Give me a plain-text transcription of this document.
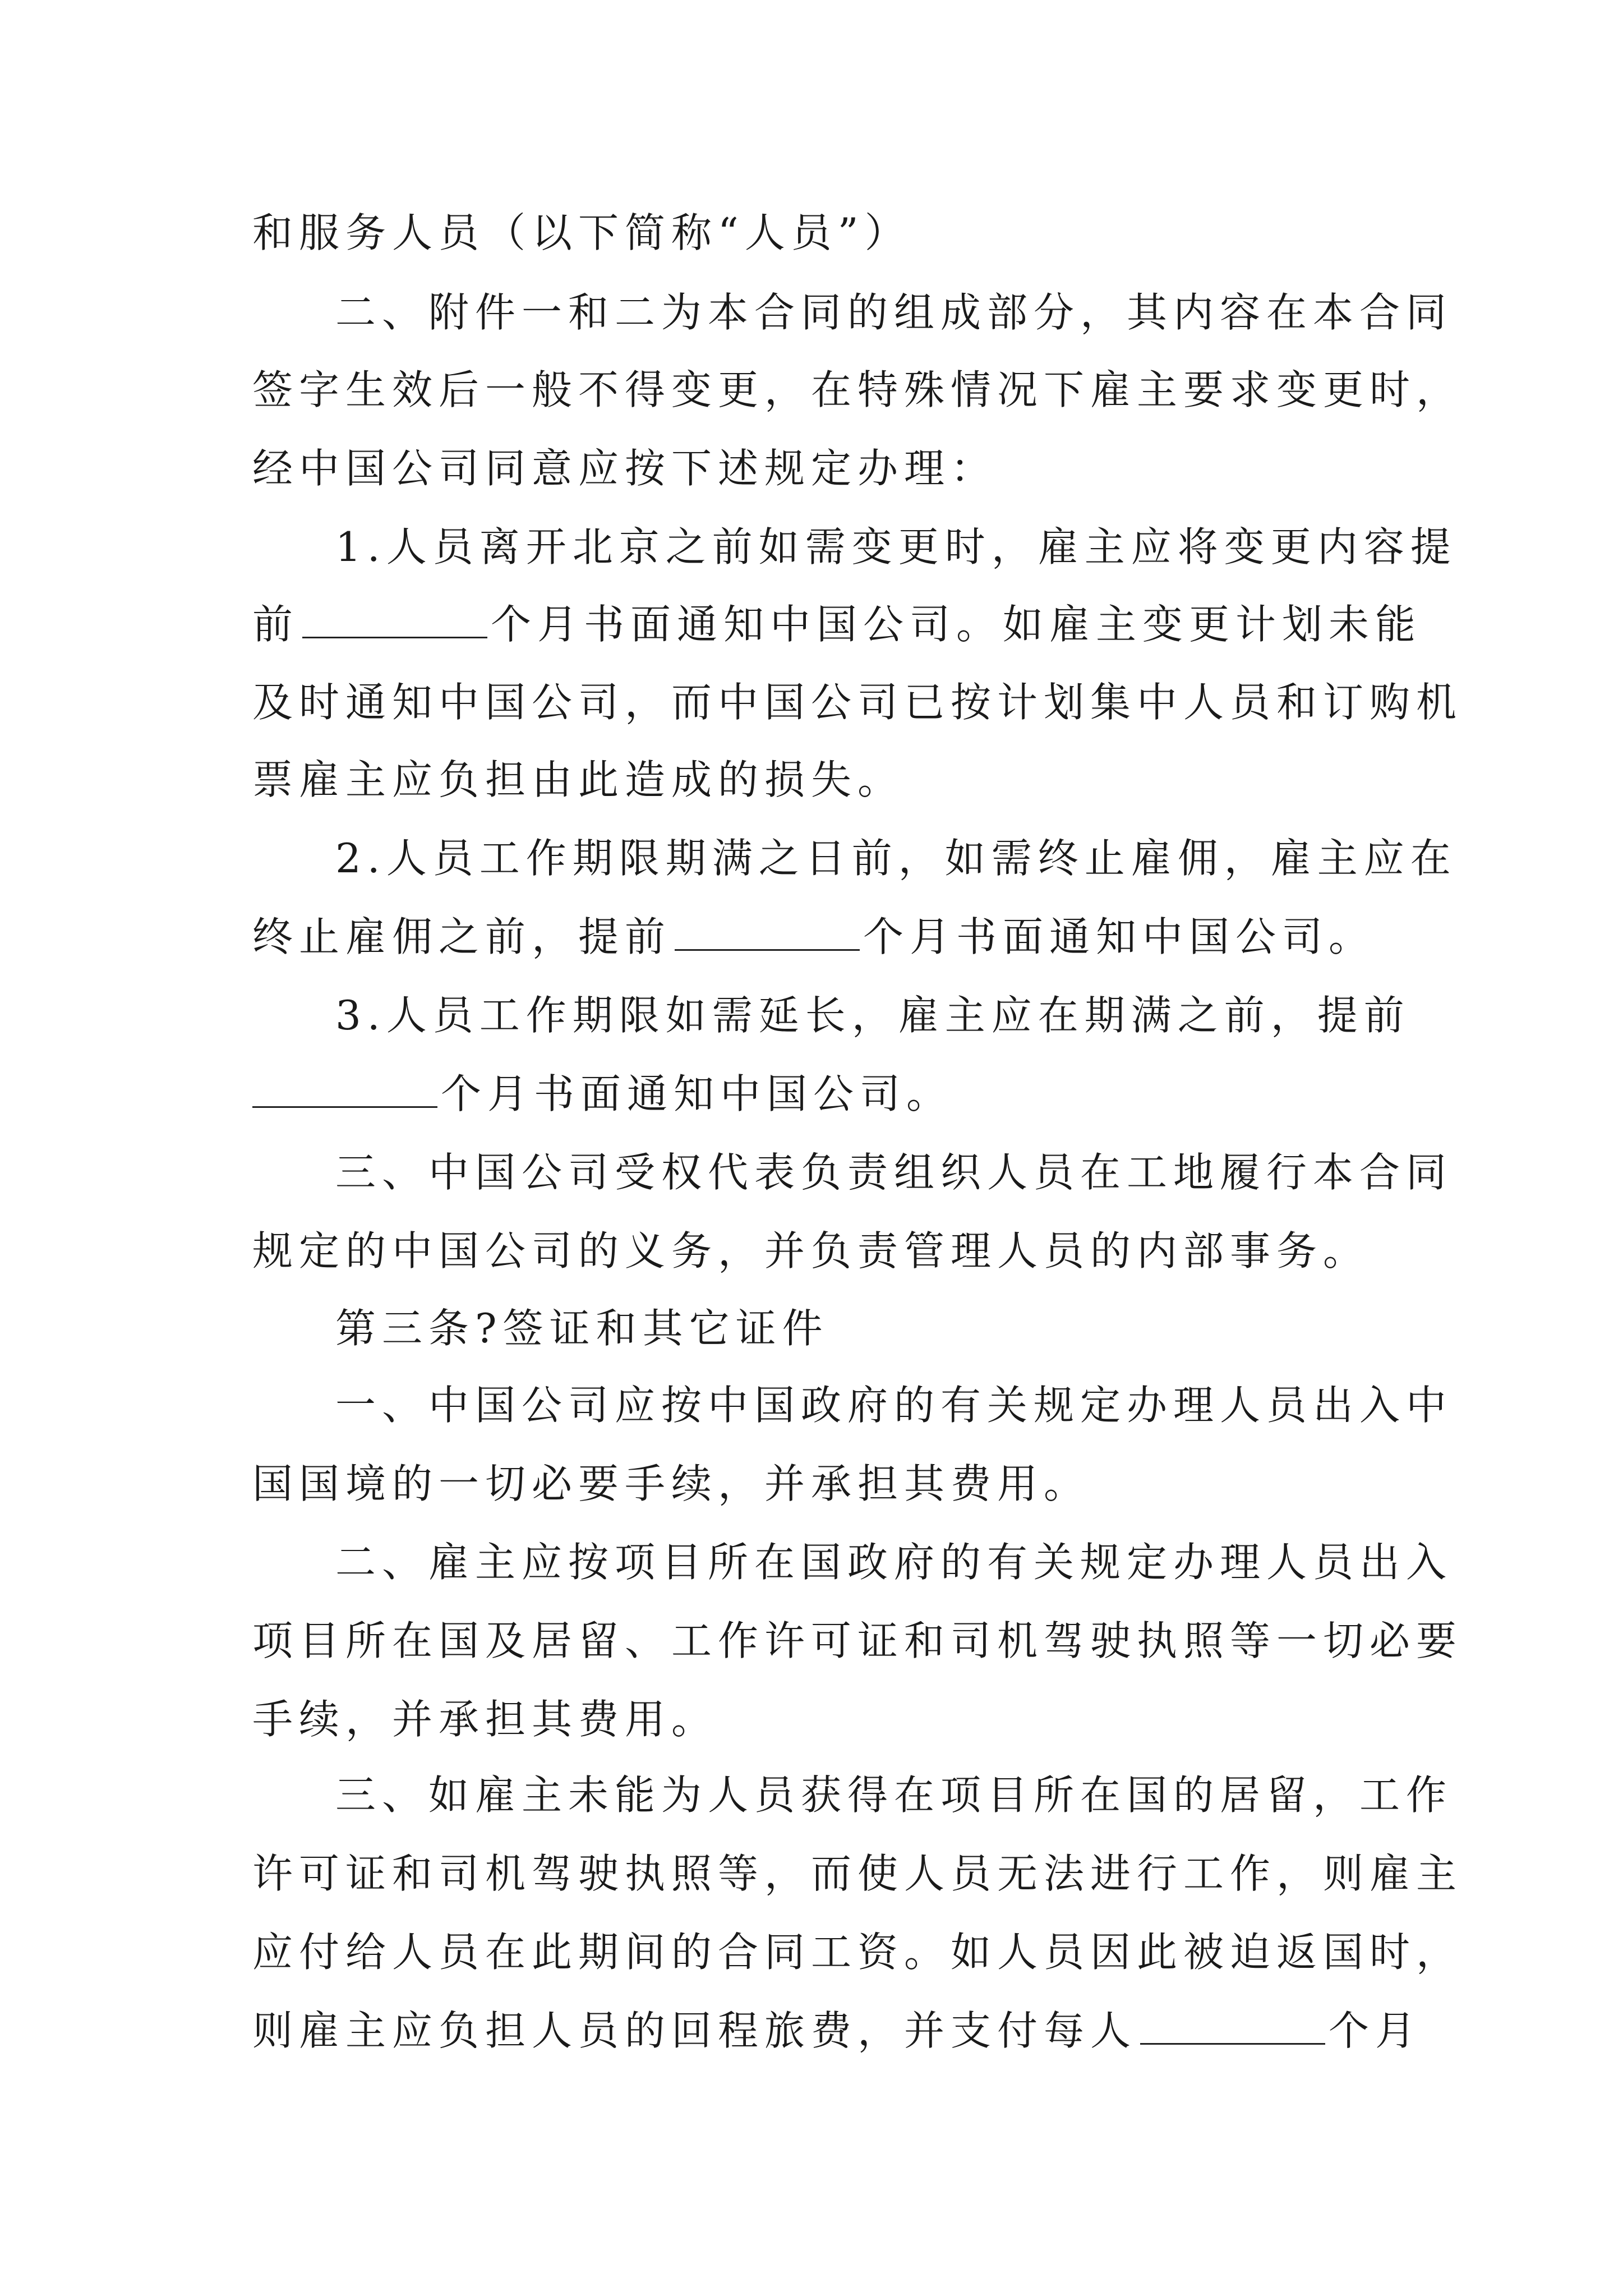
和服务人员（以下简称“人员”）
二、附件一和二为本合同的组成部分，其内容在本合同
签字生效后一般不得变更，在特殊情况下雇主要求变更时，
经中国公司同意应按下述规定办理：
1.人员离开北京之前如需变更时，雇主应将变更内容提
前	个月书面通知中国公司。如雇主变更计划未能
及时通知中国公司，而中国公司已按计划集中人员和订购机
票雇主应负担由此造成的损失。
2.人员工作期限期满之日前，如需终止雇佣，雇主应在
终止雇佣之前，提前	个月书面通知中国公司。
3.人员工作期限如需延长，雇主应在期满之前，提前
个月书面通知中国公司。
三、中国公司受权代表负责组织人员在工地履行本合同
规定的中国公司的义务，并负责管理人员的内部事务。
第三条?签证和其它证件
一、中国公司应按中国政府的有关规定办理人员出入中
国国境的一切必要手续，并承担其费用。
二、雇主应按项目所在国政府的有关规定办理人员出入
项目所在国及居留、工作许可证和司机驾驶执照等一切必要
手续，并承担其费用。
三、如雇主未能为人员获得在项目所在国的居留，工作
许可证和司机驾驶执照等，而使人员无法进行工作，则雇主
应付给人员在此期间的合同工资。如人员因此被迫返国时，
则雇主应负担人员的回程旅费，并支付每人	个月
